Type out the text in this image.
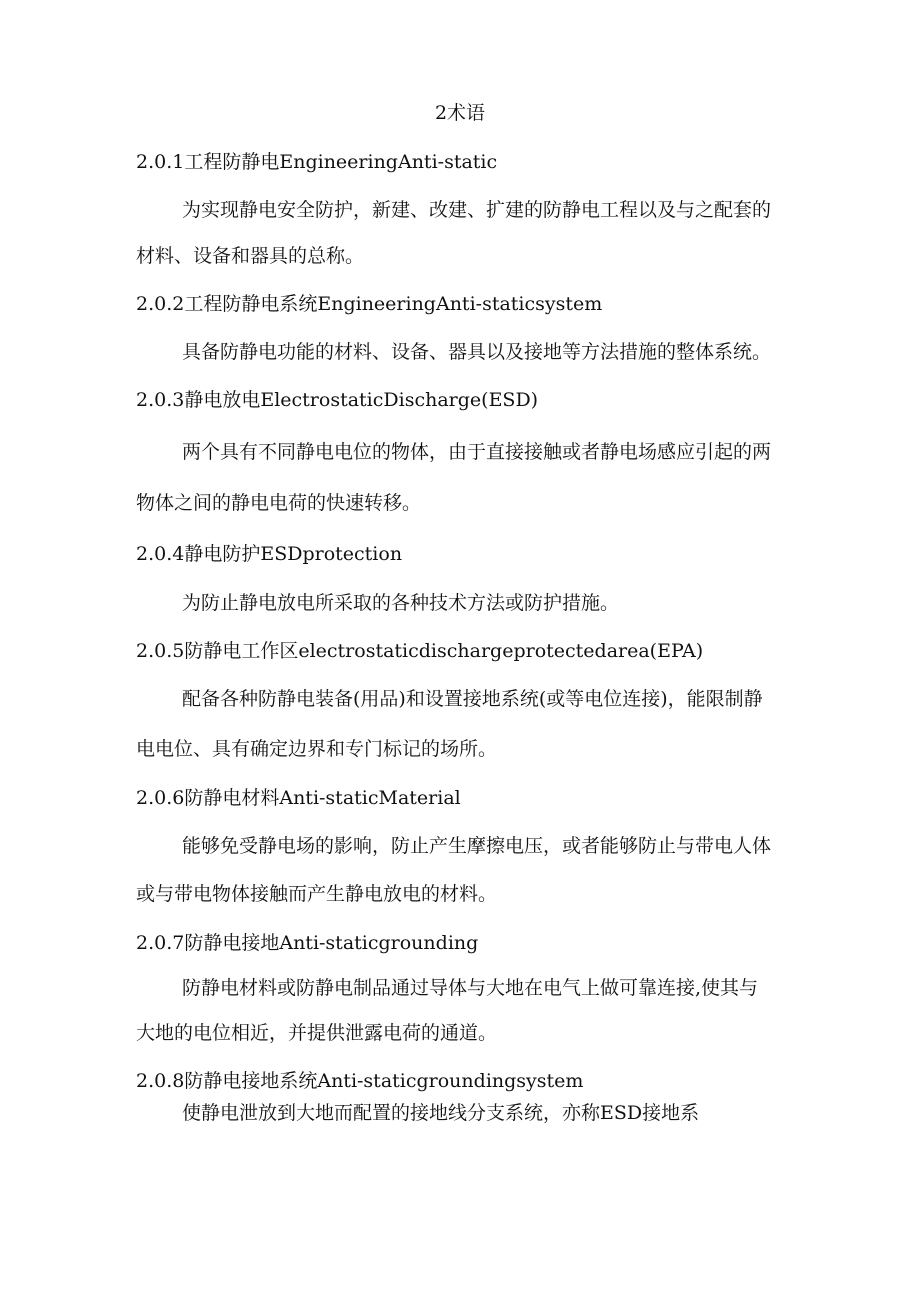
2术语
2.0.1工程防静电EngineeringAnti-static
为实现静电安全防护，新建、改建、扩建的防静电工程以及与之配套的
材料、设备和器具的总称。
2.0.2工程防静电系统EngineeringAnti-staticsystem
具备防静电功能的材料、设备、器具以及接地等方法措施的整体系统。
2.0.3静电放电ElectrostaticDischarge(ESD)
两个具有不同静电电位的物体，由于直接接触或者静电场感应引起的两
物体之间的静电电荷的快速转移。
2.0.4静电防护ESDprotection
为防止静电放电所采取的各种技术方法或防护措施。
2.0.5防静电工作区electrostaticdischargeprotectedarea(EPA)
配备各种防静电装备(用品)和设置接地系统(或等电位连接)，能限制静
电电位、具有确定边界和专门标记的场所。
2.0.6防静电材料Anti-staticMaterial
能够免受静电场的影响，防止产生摩擦电压，或者能够防止与带电人体
或与带电物体接触而产生静电放电的材料。
2.0.7防静电接地Anti-staticgrounding
防静电材料或防静电制品通过导体与大地在电气上做可靠连接,使其与
大地的电位相近，并提供泄露电荷的通道。
2.0.8防静电接地系统Anti-staticgroundingsystem
使静电泄放到大地而配置的接地线分支系统，亦称ESD接地系
